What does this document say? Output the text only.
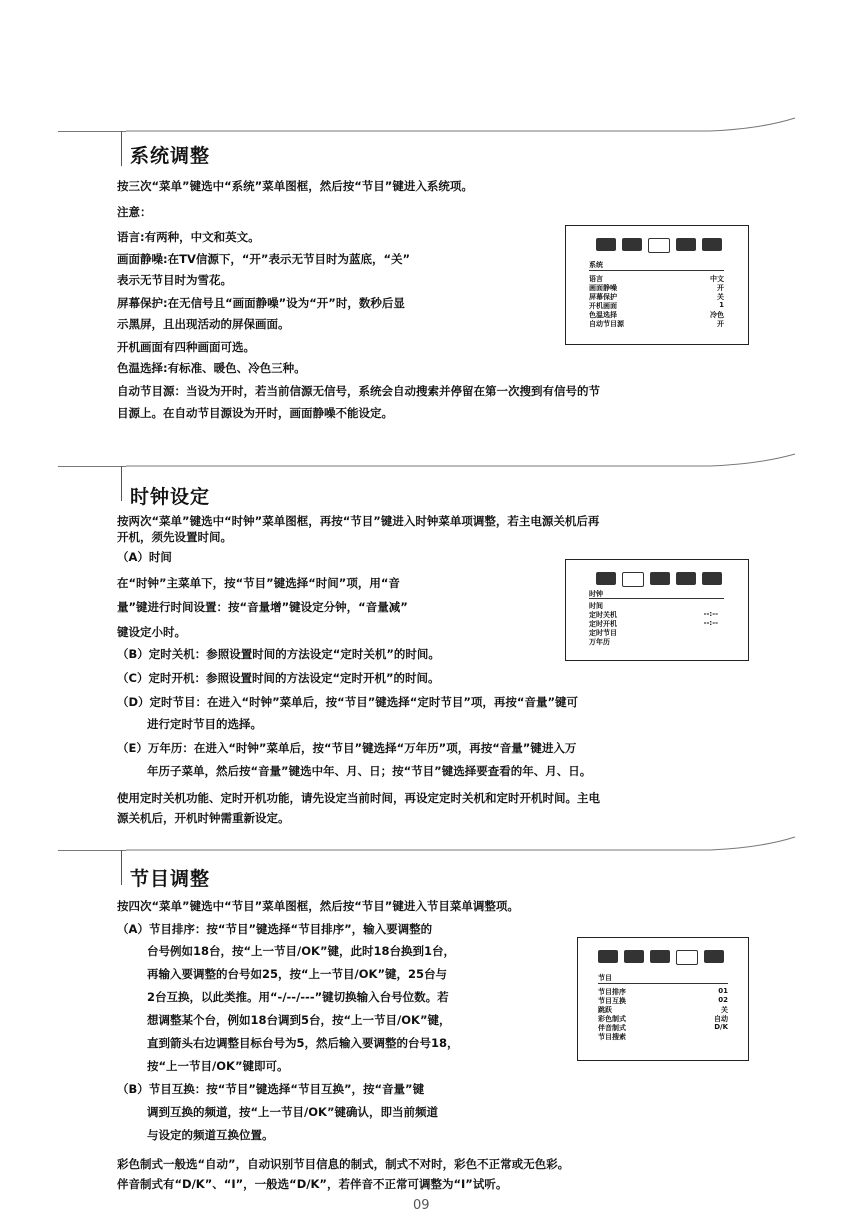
系统调整
按三次“菜单”键选中“系统”菜单图框，然后按“节目”键进入系统项。
注意：
语言:有两种，中文和英文。
画面静噪:在TV信源下，“开”表示无节目时为蓝底，“关”
表示无节目时为雪花。
屏幕保护:在无信号且“画面静噪”设为“开”时，数秒后显
示黑屏，且出现活动的屏保画面。
开机画面有四种画面可选。
色温选择:有标准、暖色、冷色三种。
自动节目源：当设为开时，若当前信源无信号，系统会自动搜索并停留在第一次搜到有信号的节
目源上。在自动节目源设为开时，画面静噪不能设定。
系统
语言
画面静噪
屏幕保护
开机画面
色温选择
自动节目源
中文
开
关
1
冷色
开
时钟设定
按两次“菜单”键选中“时钟”菜单图框，再按“节目”键进入时钟菜单项调整，若主电源关机后再
开机，须先设置时间。
（A）时间
在“时钟”主菜单下，按“节目”键选择“时间”项，用“音
量”键进行时间设置：按“音量增”键设定分钟，“音量减”
键设定小时。
（B）定时关机：参照设置时间的方法设定“定时关机”的时间。
（C）定时开机：参照设置时间的方法设定“定时开机”的时间。
（D）定时节目：在进入“时钟”菜单后，按“节目”键选择“定时节目”项，再按“音量”键可
进行定时节目的选择。
（E）万年历：在进入“时钟”菜单后，按“节目”键选择“万年历”项，再按“音量”键进入万
年历子菜单，然后按“音量”键选中年、月、日；按“节目”键选择要查看的年、月、日。
使用定时关机功能、定时开机功能，请先设定当前时间，再设定定时关机和定时开机时间。主电
源关机后，开机时钟需重新设定。
时钟
时间
定时关机
定时开机
定时节目
万年历
--:--
--:--
节目调整
按四次“菜单”键选中“节目”菜单图框，然后按“节目”键进入节目菜单调整项。
（A）节目排序：按“节目”键选择“节目排序”，输入要调整的
台号例如18台，按“上一节目/OK”键，此时18台换到1台，
再输入要调整的台号如25，按“上一节目/OK”键，25台与
2台互换，以此类推。用“-/--/---”键切换输入台号位数。若
想调整某个台，例如18台调到5台，按“上一节目/OK”键，
直到箭头右边调整目标台号为5，然后输入要调整的台号18，
按“上一节目/OK”键即可。
（B）节目互换：按“节目”键选择“节目互换”，按“音量”键
调到互换的频道，按“上一节目/OK”键确认，即当前频道
与设定的频道互换位置。
彩色制式一般选“自动”，自动识别节目信息的制式，制式不对时，彩色不正常或无色彩。
伴音制式有“D/K”、“I”，一般选“D/K”，若伴音不正常可调整为“I”试听。
节目
节目排序
节目互换
跳跃
彩色制式
伴音制式
节目搜索
01
02
关
自动
D/K
09
